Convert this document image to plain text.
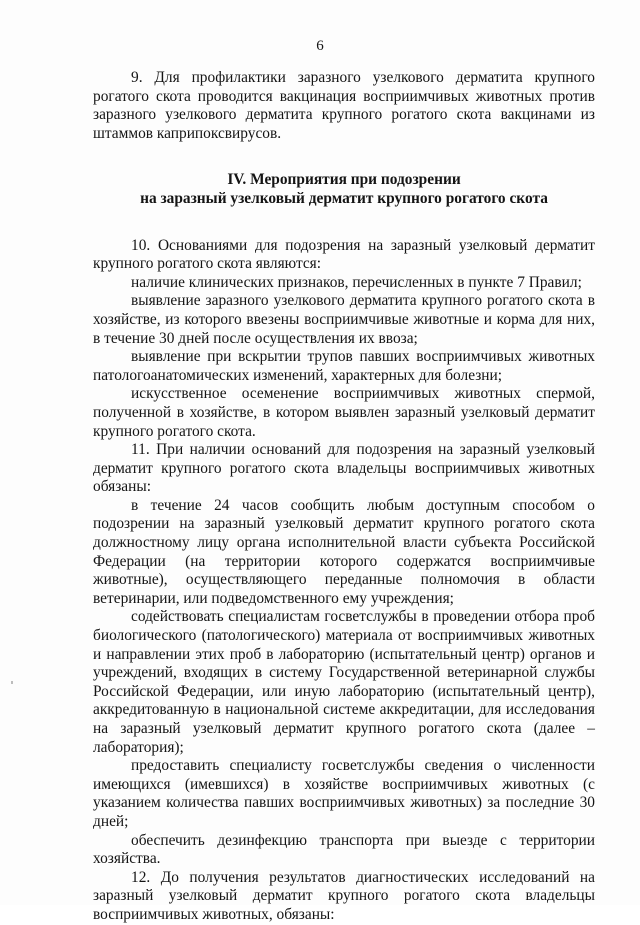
6

9. Для профилактики заразного узелкового дерматита крупного рогатого скота проводится вакцинация восприимчивых животных против заразного узелкового дерматита крупного рогатого скота вакцинами из штаммов каприпоксвирусов.

IV. Мероприятия при подозрении
на заразный узелковый дерматит крупного рогатого скота

10. Основаниями для подозрения на заразный узелковый дерматит крупного рогатого скота являются:

наличие клинических признаков, перечисленных в пункте 7 Правил;

выявление заразного узелкового дерматита крупного рогатого скота в хозяйстве, из которого ввезены восприимчивые животные и корма для них, в течение 30 дней после осуществления их ввоза;

выявление при вскрытии трупов павших восприимчивых животных патологоанатомических изменений, характерных для болезни;

искусственное осеменение восприимчивых животных спермой, полученной в хозяйстве, в котором выявлен заразный узелковый дерматит крупного рогатого скота.

11. При наличии оснований для подозрения на заразный узелковый дерматит крупного рогатого скота владельцы восприимчивых животных обязаны:

в течение 24 часов сообщить любым доступным способом о подозрении на заразный узелковый дерматит крупного рогатого скота должностному лицу органа исполнительной власти субъекта Российской Федерации (на территории которого содержатся восприимчивые животные), осуществляющего переданные полномочия в области ветеринарии, или подведомственного ему учреждения;

содействовать специалистам госветслужбы в проведении отбора проб биологического (патологического) материала от восприимчивых животных и направлении этих проб в лабораторию (испытательный центр) органов и учреждений, входящих в систему Государственной ветеринарной службы Российской Федерации, или иную лабораторию (испытательный центр), аккредитованную в национальной системе аккредитации, для исследования на заразный узелковый дерматит крупного рогатого скота (далее – лаборатория);

предоставить специалисту госветслужбы сведения о численности имеющихся (имевшихся) в хозяйстве восприимчивых животных (с указанием количества павших восприимчивых животных) за последние 30 дней;

обеспечить дезинфекцию транспорта при выезде с территории хозяйства.

12. До получения результатов диагностических исследований на заразный узелковый дерматит крупного рогатого скота владельцы восприимчивых животных, обязаны:
